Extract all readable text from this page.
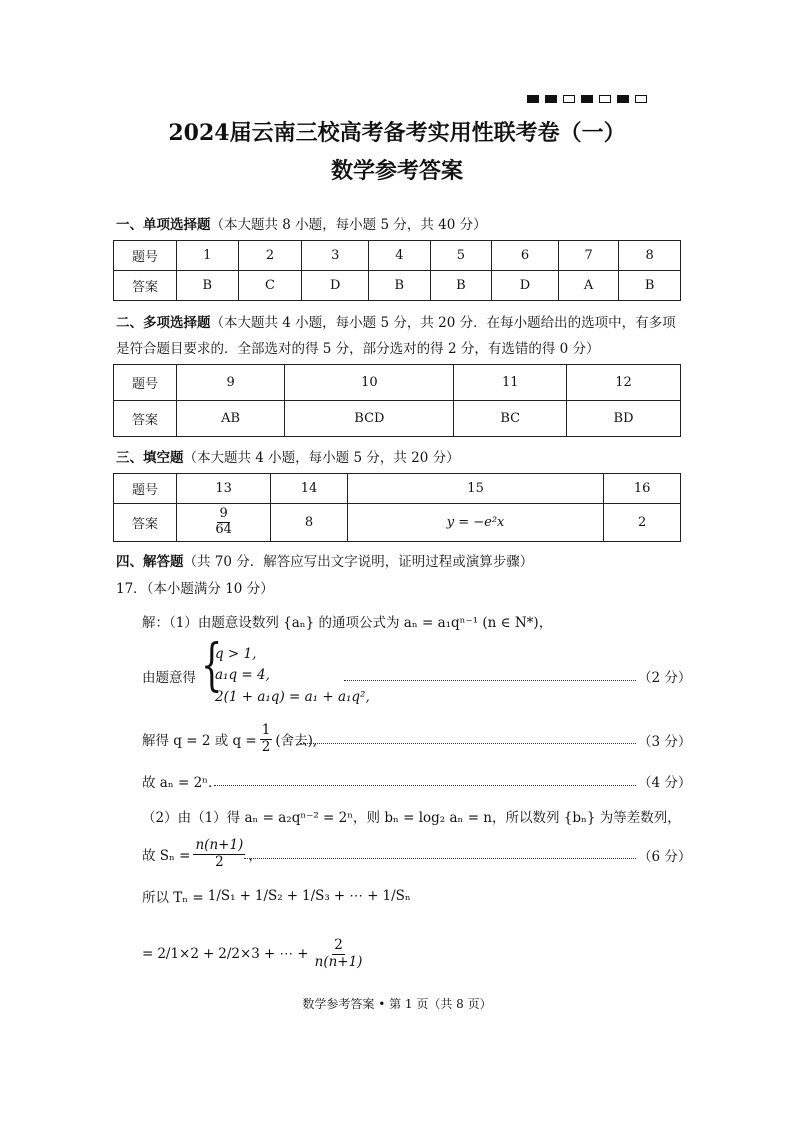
2024届云南三校高考备考实用性联考卷（一）
数学参考答案
一、单项选择题（本大题共 8 小题，每小题 5 分，共 40 分）
题号	1	2	3	4	5	6	7	8
答案	B	C	D	B	B	D	A	B
二、多项选择题（本大题共 4 小题，每小题 5 分，共 20 分．在每小题给出的选项中，有多项
是符合题目要求的．全部选对的得 5 分，部分选对的得 2 分，有选错的得 0 分）
题号	9	10	11	12
答案	AB	BCD	BC	BD
三、填空题（本大题共 4 小题，每小题 5 分，共 20 分）
题号	13	14	15	16
答案	$\frac{9}{64}$	8	y = −e²x	2
四、解答题（共 70 分．解答应写出文字说明，证明过程或演算步骤）
17．（本小题满分 10 分）
解：（1）由题意设数列 {aₙ} 的通项公式为 aₙ = a₁qⁿ⁻¹ (n ∈ N*)，
由题意得 {
q > 1,
a₁q = 4,
2(1 + a₁q) = a₁ + a₁q²,
（2 分）
解得 q = 2 或 $q = \frac{1}{2}$ (舍去),	（3 分）
故 aₙ = 2ⁿ．	（4 分）
（2）由（1）得 aₙ = a₂qⁿ⁻² = 2ⁿ，则 bₙ = log₂ aₙ = n，所以数列 {bₙ} 为等差数列，
故 $S_n = \frac{n(n+1)}{2}$ ，	（6 分）
所以 Tₙ = 1/S₁ + 1/S₂ + 1/S₃ + ⋯ + 1/Sₙ
= 2/1×2 + 2/2×3 + ⋯ + $\frac{2}{n(n+1)}$
数学参考答案 • 第 1 页（共 8 页）
